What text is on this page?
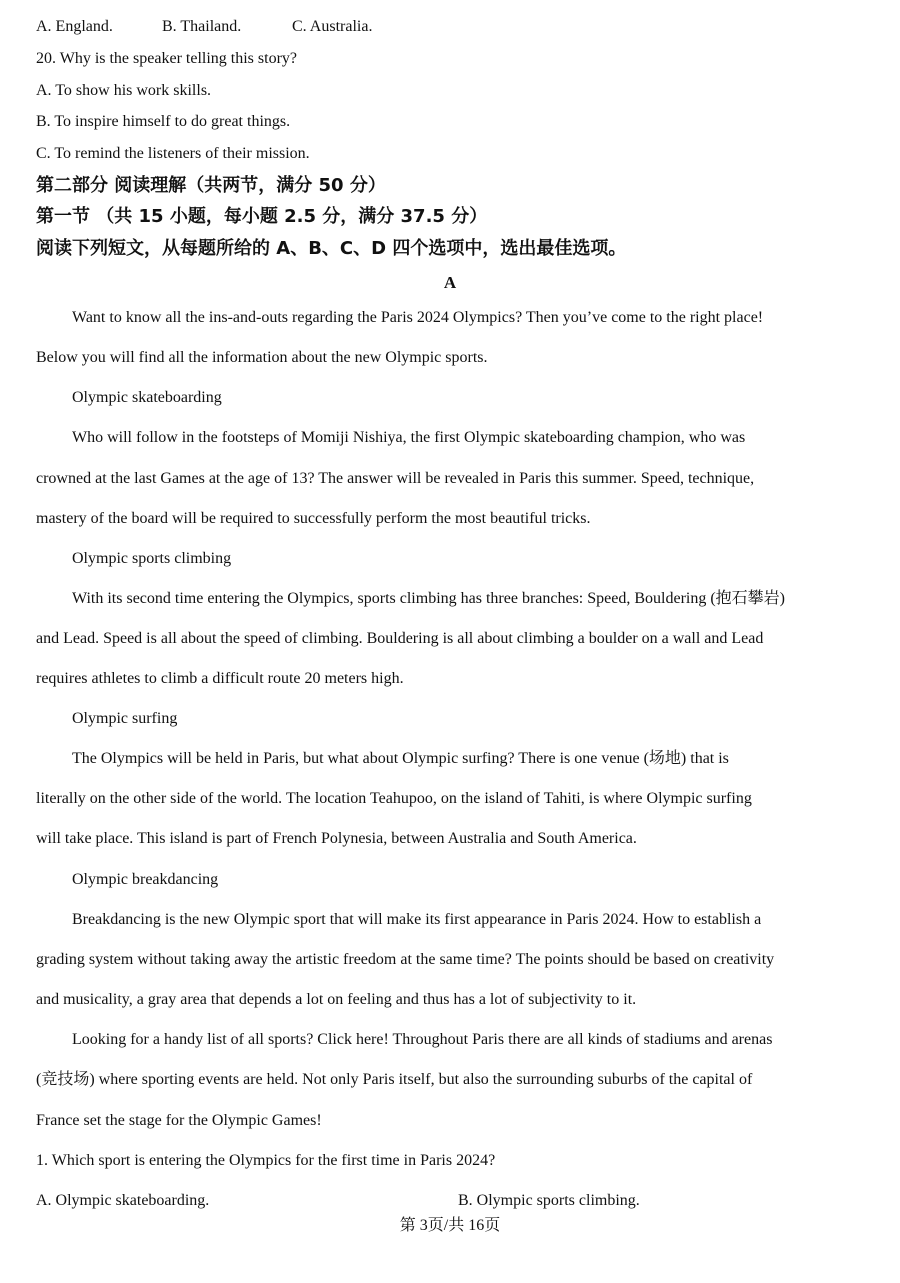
A. England.	B. Thailand.	C. Australia.
20. Why is the speaker telling this story?
A. To show his work skills.
B. To inspire himself to do great things.
C. To remind the listeners of their mission.
第二部分 阅读理解（共两节，满分 50 分）
第一节 （共 15 小题，每小题 2.5 分，满分 37.5 分）
阅读下列短文，从每题所给的 A、B、C、D 四个选项中，选出最佳选项。
A
Want to know all the ins-and-outs regarding the Paris 2024 Olympics? Then you’ve come to the right place!
Below you will find all the information about the new Olympic sports.
Olympic skateboarding
Who will follow in the footsteps of Momiji Nishiya, the first Olympic skateboarding champion, who was
crowned at the last Games at the age of 13? The answer will be revealed in Paris this summer. Speed, technique,
mastery of the board will be required to successfully perform the most beautiful tricks.
Olympic sports climbing
With its second time entering the Olympics, sports climbing has three branches: Speed, Bouldering (抱石攀岩)
and Lead. Speed is all about the speed of climbing. Bouldering is all about climbing a boulder on a wall and Lead
requires athletes to climb a difficult route 20 meters high.
Olympic surfing
The Olympics will be held in Paris, but what about Olympic surfing? There is one venue (场地) that is
literally on the other side of the world. The location Teahupoo, on the island of Tahiti, is where Olympic surfing
will take place. This island is part of French Polynesia, between Australia and South America.
Olympic breakdancing
Breakdancing is the new Olympic sport that will make its first appearance in Paris 2024. How to establish a
grading system without taking away the artistic freedom at the same time? The points should be based on creativity
and musicality, a gray area that depends a lot on feeling and thus has a lot of subjectivity to it.
Looking for a handy list of all sports? Click here! Throughout Paris there are all kinds of stadiums and arenas
(竞技场) where sporting events are held. Not only Paris itself, but also the surrounding suburbs of the capital of
France set the stage for the Olympic Games!
1. Which sport is entering the Olympics for the first time in Paris 2024?
A. Olympic skateboarding.	B. Olympic sports climbing.
第 3页/共 16页
